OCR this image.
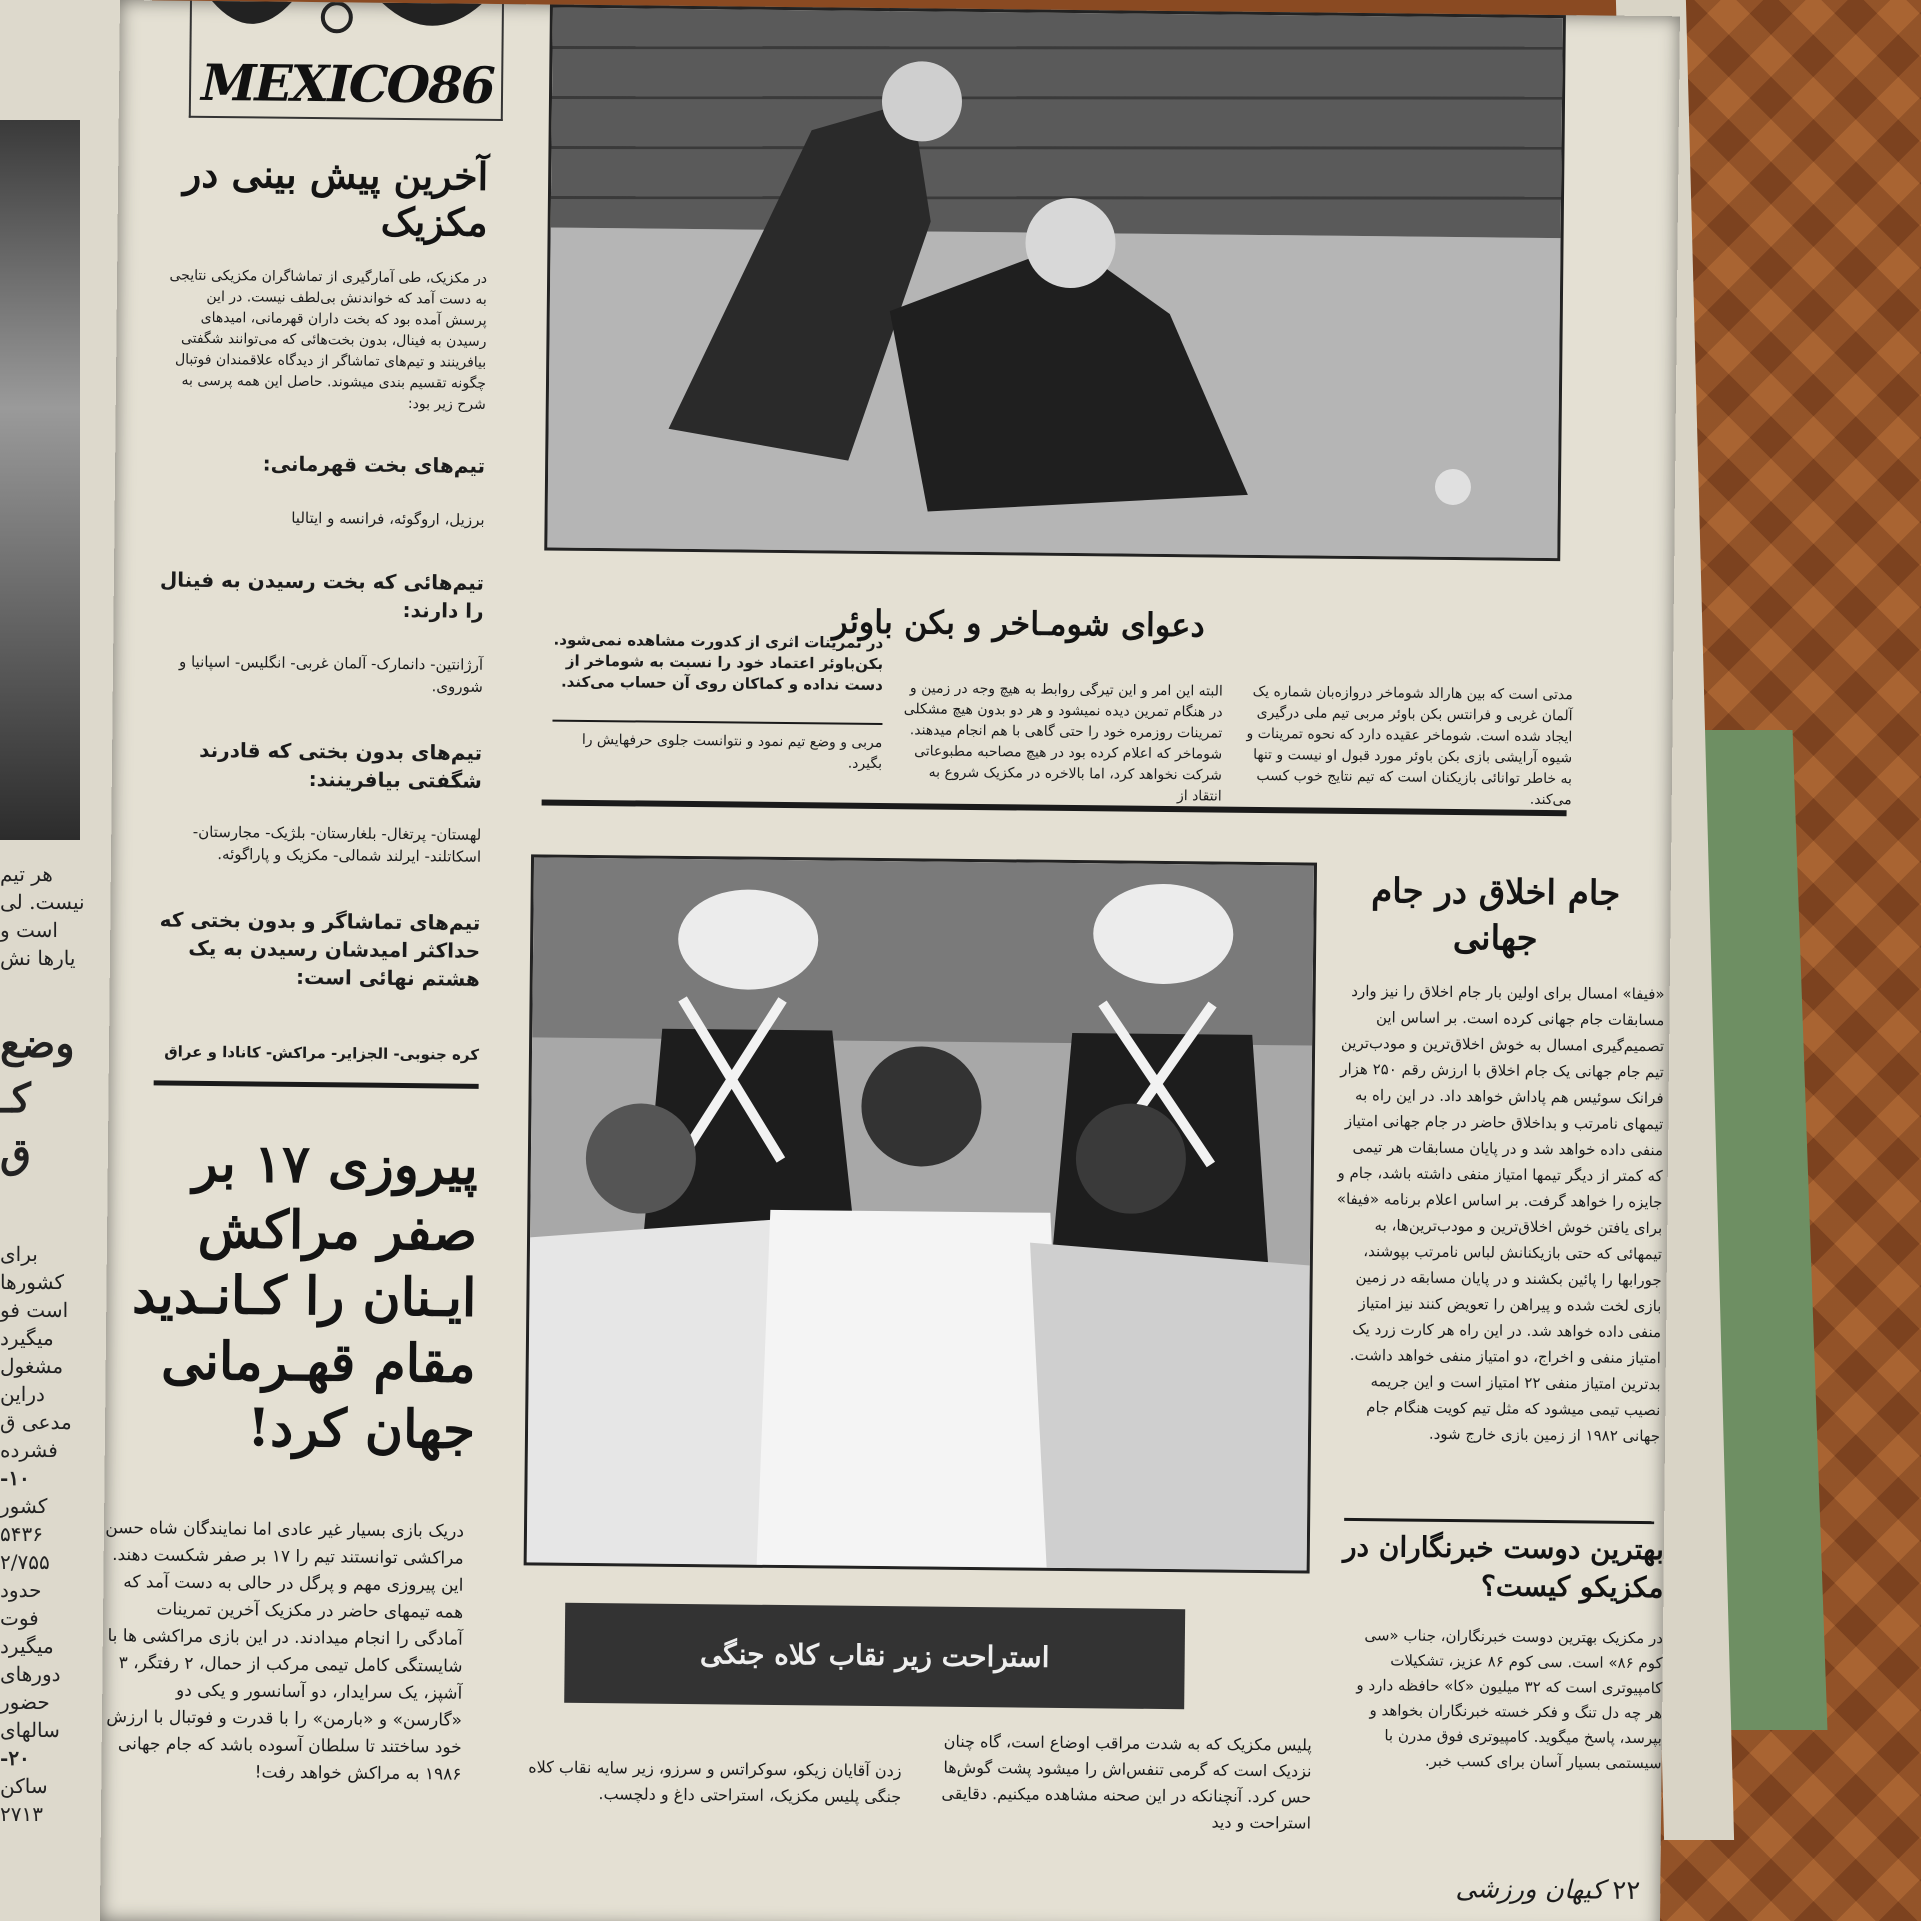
هر تیم
نیست. لی
است و
یارها نش
وضع
کـ
ق
برای
کشورها
است فو
میگیرد
مشغول
دراین
مدعی ق
فشرده
۱۰-
کشور
۵۴۳۶
۲/۷۵۵
حدود
فوت
میگیرد
دورهای
حضور
سالهای
۲۰-
ساکن
۲۷۱۳
MEXICO86
آخرین پیش بینی در مکزیک
در مکزیک، طی آمارگیری از تماشاگران مکزیکی نتایجی به دست آمد که خواندنش بی‌لطف نیست. در این پرسش آمده بود که بخت داران قهرمانی، امیدهای رسیدن به فینال، بدون بخت‌هائی که می‌توانند شگفتی بیافرینند و تیم‌های تماشاگر از دیدگاه علاقمندان فوتبال چگونه تقسیم بندی میشوند. حاصل این همه پرسی به شرح زیر بود:
تیم‌های بخت قهرمانی:
برزیل، اروگوئه، فرانسه و ایتالیا
تیم‌هائی که بخت رسیدن به فینال را دارند:
آرژانتین- دانمارک- آلمان غربی- انگلیس- اسپانیا و شوروی.
تیم‌های بدون بختی که قادرند شگفتی بیافرینند:
لهستان- پرتغال- بلغارستان- بلژیک- مجارستان- اسکاتلند- ایرلند شمالی- مکزیک و پاراگوئه.
تیم‌های تماشاگر و بدون بختی که حداکثر امیدشان رسیدن به یک هشتم نهائی است:
کره جنوبی- الجزایر- مراکش- کانادا و عراق
پیروزی ۱۷ بر صفر مراکش ایـنان را کـانـدید مقام قهـرمانی جهان کرد!
دریک بازی بسیار غیر عادی اما نمایندگان شاه حسن مراکشی توانستند تیم را ۱۷ بر صفر شکست دهند. این پیروزی مهم و پرگل در حالی به دست آمد که همه تیمهای حاضر در مکزیک آخرین تمرینات آمادگی را انجام میدادند. در این بازی مراکشی ها با شایستگی کامل تیمی مرکب از حمال، ۲ رفتگر، ۳ آشپز، یک سرایدار، دو آسانسور و یکی دو «گارسن» و «بارمن» را با قدرت و فوتبال با ارزش خود ساختند تا سلطان آسوده باشد که جام جهانی ۱۹۸۶ به مراکش خواهد رفت!
دعوای شومـاخر و بکن باوئر
مدتی است که بین هارالد شوماخر دروازه‌بان شماره یک آلمان غربی و فرانتس بکن باوئر مربی تیم ملی درگیری ایجاد شده است. شوماخر عقیده دارد که نحوه تمرینات و شیوه آرایشی بازی بکن باوئر مورد قبول او نیست و تنها به خاطر توانائی بازیکنان است که تیم نتایج خوب کسب می‌کند.
البته این امر و این تیرگی روابط به هیچ وجه در زمین و در هنگام تمرین دیده نمیشود و هر دو بدون هیچ مشکلی تمرینات روزمره خود را حتی گاهی با هم انجام میدهند. شوماخر که اعلام کرده بود در هیچ مصاحبه مطبوعاتی شرکت نخواهد کرد، اما بالاخره در مکزیک شروع به انتقاد از
در تمرینات اثری از کدورت مشاهده نمی‌شود. بکن‌باوئر اعتماد خود را نسبت به شوماخر از دست نداده و کماکان روی آن حساب می‌کند.
مربی و وضع تیم نمود و نتوانست جلوی حرفهایش را بگیرد.
استراحت زیر نقاب کلاه جنگی
پلیس مکزیک که به شدت مراقب اوضاع است، گاه چنان نزدیک است که گرمی تنفس‌اش را میشود پشت گوش‌ها حس کرد. آنچنانکه در این صحنه مشاهده میکنیم. دقایقی استراحت و دید
زدن آقایان زیکو، سوکراتس و سرزو، زیر سایه نقاب کلاه جنگی پلیس مکزیک، استراحتی داغ و دلچسب.
جام اخلاق در جام جهانی
«فیفا» امسال برای اولین بار جام اخلاق را نیز وارد مسابقات جام جهانی کرده است. بر اساس این تصمیم‌گیری امسال به خوش اخلاق‌ترین و مودب‌ترین تیم جام جهانی یک جام اخلاق با ارزش رقم ۲۵۰ هزار فرانک سوئیس هم پاداش خواهد داد. در این راه به تیمهای نامرتب و بداخلاق حاضر در جام جهانی امتیاز منفی داده خواهد شد و در پایان مسابقات هر تیمی که کمتر از دیگر تیمها امتیاز منفی داشته باشد، جام و جایزه را خواهد گرفت. بر اساس اعلام برنامه «فیفا» برای یافتن خوش اخلاق‌ترین و مودب‌ترین‌ها، به تیمهائی که حتی بازیکنانش لباس نامرتب بپوشند، جورابها را پائین بکشند و در پایان مسابقه در زمین بازی لخت شده و پیراهن را تعویض کنند نیز امتیاز منفی داده خواهد شد. در این راه هر کارت زرد یک امتیاز منفی و اخراج، دو امتیاز منفی خواهد داشت. بدترین امتیاز منفی ۲۲ امتیاز است و این جریمه نصیب تیمی میشود که مثل تیم کویت هنگام جام جهانی ۱۹۸۲ از زمین بازی خارج شود.
بهترین دوست خبرنگاران در مکزیکو کیست؟
در مکزیک بهترین دوست خبرنگاران، جناب «سی کوم ۸۶» است. سی کوم ۸۶ عزیز، تشکیلات کامپیوتری است که ۳۲ میلیون «کا» حافظه دارد و هر چه دل تنگ و فکر خسته خبرنگاران بخواهد و بپرسد، پاسخ میگوید. کامپیوتری فوق مدرن با سیستمی بسیار آسان برای کسب خبر.
۲۲ کیهان ورزشی
